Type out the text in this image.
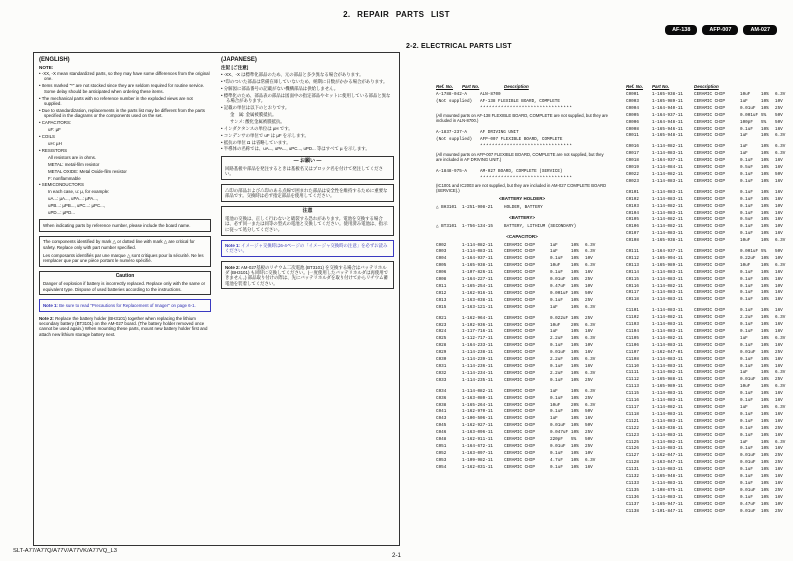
2. REPAIR PARTS LIST
AF-138	AFP-007	AM-027
(ENGLISH)
NOTE:
• -XX, -X mean standardized parts, so they may have some differences from the original one.
• Items marked "*" are not stocked since they are seldom required for routine service. Some delay should be anticipated when ordering these items.
• The mechanical parts with no reference number in the exploded views are not supplied.
• Due to standardization, replacements in the parts list may be different from the parts specified in the diagrams or the components used on the set.
• CAPACITORS:
uF: µF
• COILS
uH: µH
• RESISTORS
All resistors are in ohms.
METAL: metal-film resistor
METAL OXIDE: Metal Oxide-film resistor
F: nonflammable
• SEMICONDUCTORS
In each case, u: µ, for example:
uA...: µA..., uPA...: µPA...,
uPB...: µPB..., uPC...: µPC...,
uPD...: µPD...
When indicating parts by reference number, please include the board name.
The components identified by mark △ or dotted line with mark △ are critical for safety. Replace only with part number specified.
Les composants identifiés par une marque △ sont critiques pour la sécurité. Ne les remplacer que par une pièce portant le numéro spécifié.
Caution
Danger of explosion if battery is incorrectly replaced. Replace only with the same or equivalent type. Dispose of used batteries according to the instructions.
Note 1: Be sure to read "Precautions for Replacement of Imager" on page 6-1.
Note 2: Replace the battery holder (BH3101) together when replacing the lithium secondary battery (BT3101) on the AM-027 board. (The battery holder removed once cannot be used again.) When mounting these parts, mount new battery holder first and attach new lithium storage battery next.
(JAPANESE)
注記 [ご注意]
• -XX、-X は標準化部品のため、元の部品と多少異なる場合があります。
• *印のついた部品は常備在庫していないため、納期に日数がかかる場合があります。
• 分解図に部品番号の記載がない機構部品は供給しません。
• 標準化のため、部品表の部品は図面中の指定部品やセットに使用している部品と異なる場合があります。
• 記載の単位は以下のとおりです。
金　属: 金属被膜抵抗。
サンメ: 酸化金属被膜抵抗。
• インダクタンスの単位は µH です。
• コンデンサの単位で uF は µF を示します。
• 抵抗の単位 Ω は省略しています。
• 半導体の名称では、uA..., uPA..., uPC..., uPD... 等はすべて µ を示します。
― お願い ―
回路基板や部品を発注するときは基板名又はブロック名を付けて発注してください。
△印の部品および△印のある点線で囲まれた部品は安全性を維持するために重要な部品です。交換時は必ず指定部品を使用してください。
注意
電池の交換は、正しく行わないと破裂する恐れがあります。電池を交換する場合は、必ず同一または同等の型式の電池と交換してください。使用済み電池は、指示に従って処分してください。
Note 1: イメージャ交換時は6-4ページの「イメージャ交換時の注意」を必ずお読みください。
Note 2: AM-027基板のリチウム二次電池 (BT3101) を交換する場合はバッテリホルダ (BH3101) も同時に交換してください。(一度使用したバッテリホルダは再使用できません。) 部品取り付けの際は、先にバッテリホルダを取り付けてからリチウム蓄電池を装着してください。
2-2. ELECTRICAL PARTS LIST
Ref. No.	Part No.	Description
A-1788-042-A	ALN-8700
(Not supplied)	AF-138 FLEXIBLE BOARD, COMPLETE
*******************************
(All mounted parts on AF-138 FLEXIBLE BOARD, COMPLETE are not supplied, but they are included in ALN-8700.)
A-1837-237-A	AF DRIVING UNIT
(Not supplied)	AFP-007 FLEXIBLE BOARD, COMPLETE
*******************************
(All mounted parts on AFP-007 FLEXIBLE BOARD, COMPLETE are not supplied, but they are included in AF DRIVING UNIT.)
A-1848-975-A	AM-027 BOARD, COMPLETE (SERVICE)
*******************************
(IC1001 and IC2003 are not supplied, but they are included in AM-027 COMPLETE BOARD (SERVICE).)
<BATTERY HOLDER>
△ BH3101	1-251-908-21	HOLDER, BATTERY
<BATTERY>
△ BT3101	1-756-134-15	BATTERY, LITHIUM (SECONDARY)
<CAPACITOR>
C002	1-114-082-11	CERAMIC CHIP	1uF	10%	6.3V
C003	1-114-083-11	CERAMIC CHIP	1uF	10%	6.3V
C004	1-164-937-11	CERAMIC CHIP	0.1uF	10%	10V
C005	1-165-938-11	CERAMIC CHIP	10uF	10%	6.3V
C006	1-107-826-11	CERAMIC CHIP	0.1uF	10%	16V
C008	1-164-227-11	CERAMIC CHIP	0.01uF	10%	25V
C011	1-165-254-11	CERAMIC CHIP	0.47uF	10%	10V
C012	1-162-916-11	CERAMIC CHIP	0.001uF 10%	50V
C013	1-163-038-11	CERAMIC CHIP	0.1uF	10%	25V
C015	1-163-121-11	CERAMIC CHIP	1uF	10%	6.3V
C021	1-162-964-11	CERAMIC CHIP	0.022uF 10%	25V
C023	1-102-936-11	CERAMIC CHIP	10uF	20%	6.3V
C024	1-117-716-11	CERAMIC CHIP	1uF	10%	16V
C025	1-112-717-11	CERAMIC CHIP	2.2uF	10%	6.3V
C028	1-164-233-11	CERAMIC CHIP	0.1uF	10%	10V
C029	1-114-238-11	CERAMIC CHIP	0.01uF	10%	16V
C030	1-114-239-11	CERAMIC CHIP	2.2uF	10%	6.3V
C031	1-114-236-11	CERAMIC CHIP	0.1uF	10%	16V
C032	1-114-234-11	CERAMIC CHIP	2.2uF	10%	6.3V
C033	1-114-235-11	CERAMIC CHIP	0.1uF	10%	25V
C034	1-114-082-11	CERAMIC CHIP	1uF	10%	6.3V
C036	1-163-080-11	CERAMIC CHIP	0.1uF	10%	25V
C038	1-165-264-11	CERAMIC CHIP	10uF	20%	6.3V
C041	1-162-970-11	CERAMIC CHIP	0.1uF	10%	50V
C043	1-100-506-11	CERAMIC CHIP	1uF	10%	16V
C045	1-162-927-11	CERAMIC CHIP	0.01uF	10%	50V
C046	1-163-096-11	CERAMIC CHIP	0.047uF 10%	25V
C048	1-162-911-11	CERAMIC CHIP	220pF	5%	50V
C051	1-164-672-11	CERAMIC CHIP	0.01uF	10%	25V
C052	1-163-097-11	CERAMIC CHIP	0.1uF	10%	10V
C053	1-109-982-11	CERAMIC CHIP	4.7uF	10%	6.3V
C054	1-162-031-11	CERAMIC CHIP	0.1uF	10%	16V
Ref. No.	Part No.	Description
C0001	1-165-938-11	CERAMIC CHIP	10uF	10%	6.3V
C0003	1-165-989-11	CERAMIC CHIP	1uF	10%	10V
C0004	1-164-940-11	CERAMIC CHIP	0.01uF	10%	25V
C0005	1-164-937-11	CERAMIC CHIP	0.001uF 5%	50V
C0006	1-164-948-11	CERAMIC CHIP	100pF	5%	50V
C0008	1-165-946-11	CERAMIC CHIP	0.1uF	10%	16V
C0011	1-165-948-11	CERAMIC CHIP	1uF	10%	6.3V
C0016	1-114-082-11	CERAMIC CHIP	1uF	10%	6.3V
C0017	1-114-083-11	CERAMIC CHIP	1uF	10%	6.3V
C0018	1-164-937-11	CERAMIC CHIP	0.1uF	10%	16V
C0019	1-114-084-11	CERAMIC CHIP	0.5uF	10%	16V
C0022	1-114-082-11	CERAMIC CHIP	0.1uF	10%	50V
C0023	1-114-083-11	CERAMIC CHIP	0.1uF	10%	16V
C0101	1-114-083-11	CERAMIC CHIP	0.1uF	10%	16V
C0102	1-114-083-11	CERAMIC CHIP	0.1uF	10%	16V
C0103	1-114-082-11	CERAMIC CHIP	0.1uF	10%	10V
C0104	1-114-083-11	CERAMIC CHIP	0.1uF	10%	16V
C0105	1-114-082-11	CERAMIC CHIP	0.5uF	10%	16V
C0106	1-114-082-11	CERAMIC CHIP	0.1uF	10%	10V
C0107	1-114-083-11	CERAMIC CHIP	0.1uF	10%	16V
C0108	1-165-938-11	CERAMIC CHIP	10uF	10%	6.3V
C0111	1-164-937-11	CERAMIC CHIP	0.001uF 5%	50V
C0112	1-165-994-11	CERAMIC CHIP	0.22uF	10%	10V
C0113	1-165-989-11	CERAMIC CHIP	10uF	10%	6.3V
C0114	1-114-083-11	CERAMIC CHIP	0.1uF	10%	16V
C0115	1-114-083-11	CERAMIC CHIP	0.1uF	10%	16V
C0116	1-114-082-11	CERAMIC CHIP	0.1uF	10%	10V
C0117	1-114-083-11	CERAMIC CHIP	0.1uF	10%	16V
C0118	1-114-083-11	CERAMIC CHIP	0.1uF	10%	16V
C1101	1-114-083-11	CERAMIC CHIP	0.1uF	10%	16V
C1102	1-114-082-11	CERAMIC CHIP	2.2uF	10%	6.3V
C1103	1-114-083-11	CERAMIC CHIP	0.1uF	10%	16V
C1104	1-114-083-11	CERAMIC CHIP	0.1uF	10%	16V
C1105	1-114-082-11	CERAMIC CHIP	1uF	10%	6.3V
C1106	1-114-083-11	CERAMIC CHIP	0.1uF	10%	16V
C1107	1-162-047-81	CERAMIC CHIP	0.01uF	10%	25V
C1108	1-114-083-11	CERAMIC CHIP	0.1uF	10%	16V
C1110	1-114-083-11	CERAMIC CHIP	0.1uF	10%	16V
C1111	1-114-082-11	CERAMIC CHIP	1uF	10%	6.3V
C1112	1-165-988-11	CERAMIC CHIP	0.01uF	10%	25V
C1113	1-165-989-11	CERAMIC CHIP	10uF	10%	6.3V
C1115	1-114-083-11	CERAMIC CHIP	0.1uF	10%	16V
C1116	1-114-083-11	CERAMIC CHIP	0.1uF	10%	16V
C1117	1-114-082-11	CERAMIC CHIP	1uF	10%	6.3V
C1118	1-114-083-11	CERAMIC CHIP	0.1uF	10%	16V
C1121	1-114-083-11	CERAMIC CHIP	0.1uF	10%	16V
C1122	1-163-038-11	CERAMIC CHIP	0.1uF	10%	25V
C1123	1-114-083-11	CERAMIC CHIP	0.1uF	10%	16V
C1125	1-114-082-11	CERAMIC CHIP	1uF	10%	6.3V
C1126	1-114-083-11	CERAMIC CHIP	0.1uF	10%	16V
C1127	1-162-047-11	CERAMIC CHIP	0.01uF	10%	25V
C1128	1-163-047-11	CERAMIC CHIP	0.01uF	10%	25V
C1131	1-114-083-11	CERAMIC CHIP	0.1uF	10%	16V
C1132	1-165-948-11	CERAMIC CHIP	0.1uF	10%	16V
C1133	1-114-083-11	CERAMIC CHIP	0.1uF	10%	16V
C1135	1-108-675-11	CERAMIC CHIP	0.01uF	10%	25V
C1136	1-114-083-11	CERAMIC CHIP	0.1uF	10%	16V
C1137	1-165-947-11	CERAMIC CHIP	0.47uF	10%	10V
C1138	1-101-847-11	CERAMIC CHIP	0.01uF	10%	25V
SLT-A77/A77Q/A77V/A77VK/A77VQ_L3
2-1
